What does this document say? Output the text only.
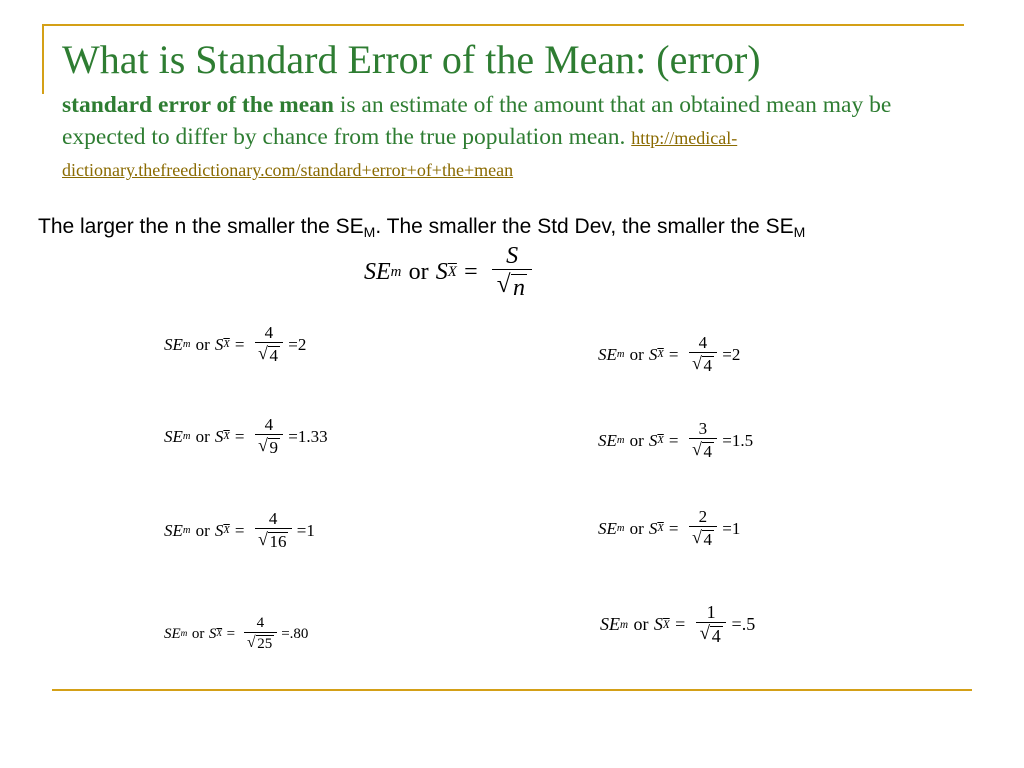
What is Standard Error of the Mean: (error)
standard error of the mean is an estimate of the amount that an obtained mean may be expected to differ by chance from the true population mean. http://medical-dictionary.thefreedictionary.com/standard+error+of+the+mean
The larger the n the smaller the $SE_M$. The smaller the Std Dev, the smaller the $SE_M$
SE m or S $\overline{X} = \frac{S}{√ n}$
SE m or S $\overline{X} = \frac{4}{√ 4} = 2$
SE m or S $\overline{X} = \frac{4}{√ 9} = 1.33$
SE m or S $\overline{X} = \frac{4}{√ 16} = 1$
SE m or S $\overline{X} = \frac{4}{√ 25} = .80$
SE m or S $\overline{X} = \frac{4}{√ 4} = 2$
SE m or S $\overline{X} = \frac{3}{√ 4} = 1.5$
SE m or S $\overline{X} = \frac{2}{√ 4} = 1$
SE m or S $\overline{X} = \frac{1}{√ 4} = .5$
